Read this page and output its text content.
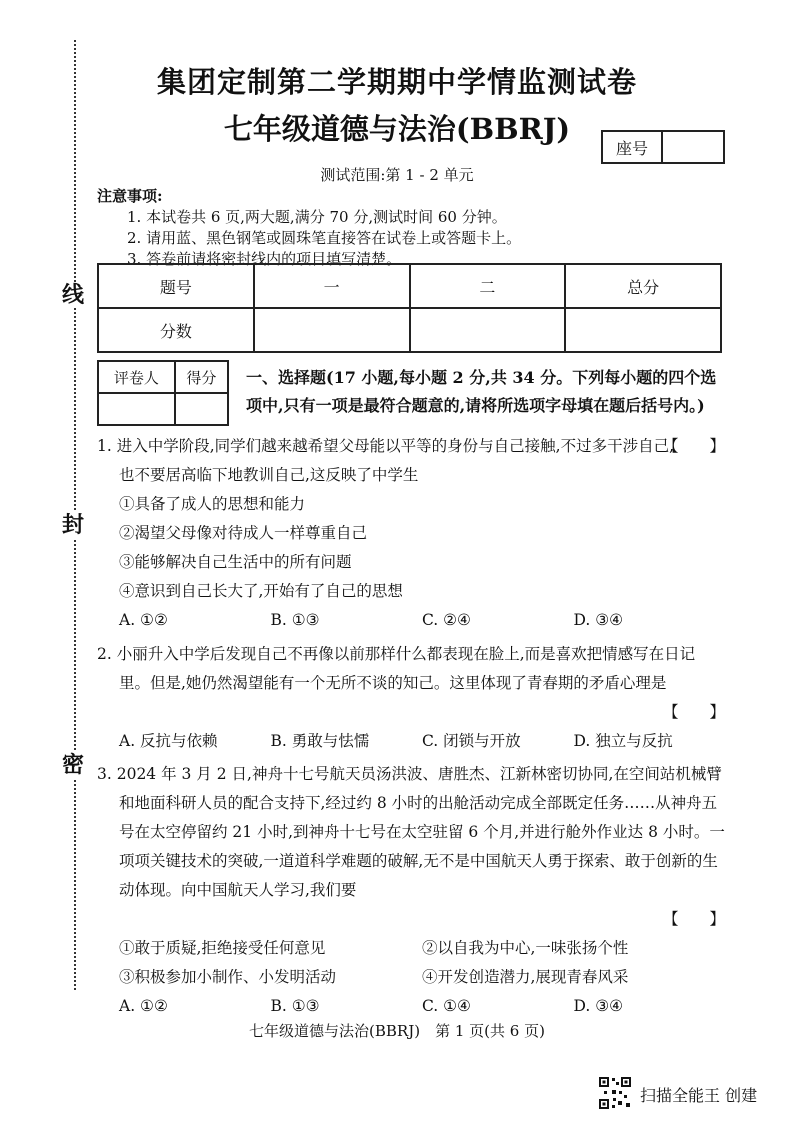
线
封
密
集团定制第二学期期中学情监测试卷
七年级道德与法治(BBRJ)
座号
测试范围:第 1 - 2 单元
注意事项:
1. 本试卷共 6 页,两大题,满分 70 分,测试时间 60 分钟。
2. 请用蓝、黑色钢笔或圆珠笔直接答在试卷上或答题卡上。
3. 答卷前请将密封线内的项目填写清楚。
题号	一	二	总分
分数			
评卷人	得分
	一、选择题(17 小题,每小题 2 分,共 34 分。下列每小题的四个选项中,只有一项是最符合题意的,请将所选项字母填在题后括号内。)
【　　】
1. 进入中学阶段,同学们越来越希望父母能以平等的身份与自己接触,不过多干涉自己,也不要居高临下地教训自己,这反映了中学生
①具备了成人的思想和能力
②渴望父母像对待成人一样尊重自己
③能够解决自己生活中的所有问题
④意识到自己长大了,开始有了自己的思想
A. ①②	B. ①③	C. ②④	D. ③④
2. 小丽升入中学后发现自己不再像以前那样什么都表现在脸上,而是喜欢把情感写在日记里。但是,她仍然渴望能有一个无所不谈的知己。这里体现了青春期的矛盾心理是
【　　】
A. 反抗与依赖	B. 勇敢与怯懦	C. 闭锁与开放	D. 独立与反抗
3. 2024 年 3 月 2 日,神舟十七号航天员汤洪波、唐胜杰、江新林密切协同,在空间站机械臂和地面科研人员的配合支持下,经过约 8 小时的出舱活动完成全部既定任务……从神舟五号在太空停留约 21 小时,到神舟十七号在太空驻留 6 个月,并进行舱外作业达 8 小时。一项项关键技术的突破,一道道科学难题的破解,无不是中国航天人勇于探索、敢于创新的生动体现。向中国航天人学习,我们要
【　　】
①敢于质疑,拒绝接受任何意见	②以自我为中心,一味张扬个性
③积极参加小制作、小发明活动	④开发创造潜力,展现青春风采
A. ①②	B. ①③	C. ①④	D. ③④
七年级道德与法治(BBRJ)　第 1 页(共 6 页)
扫描全能王 创建
